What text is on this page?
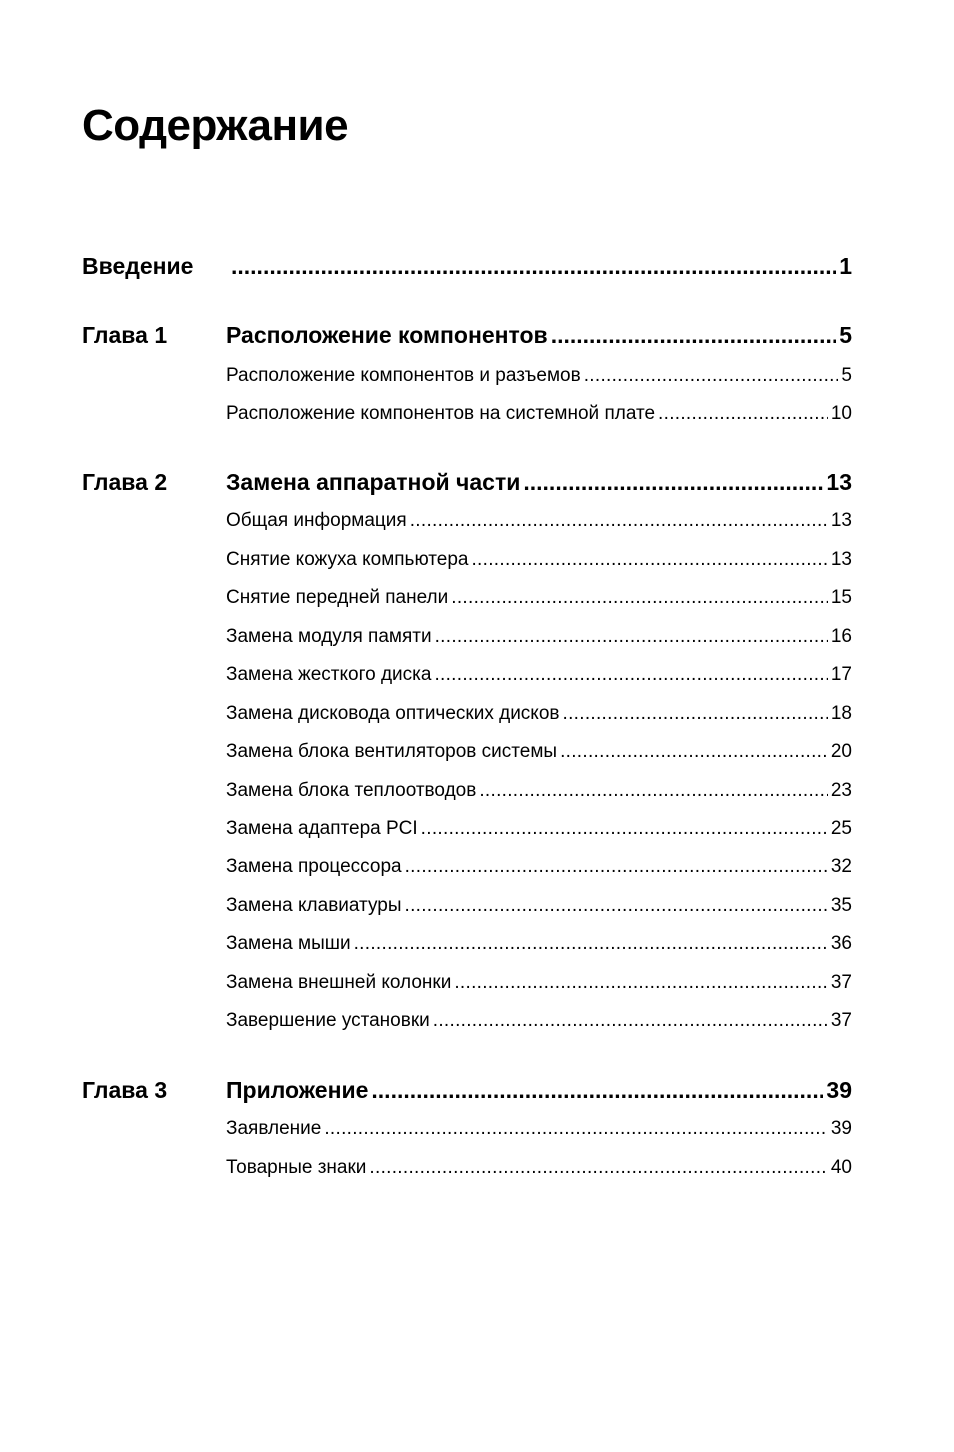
Содержание
Введение .....	1
Глава 1	Расположение компонентов .....	5
Расположение компонентов и разъемов .....	5
Расположение компонентов на системной плате .....	10
Глава 2	Замена аппаратной части .....	13
Общая информация .....	13
Снятие кожуха компьютера .....	13
Снятие передней панели .....	15
Замена модуля памяти .....	16
Замена жесткого диска .....	17
Замена дисковода оптических дисков .....	18
Замена блока вентиляторов системы .....	20
Замена блока теплоотводов .....	23
Замена адаптера PCI .....	25
Замена процессора .....	32
Замена клавиатуры .....	35
Замена мыши .....	36
Замена внешней колонки .....	37
Завершение установки .....	37
Глава 3	Приложение .....	39
Заявление .....	39
Товарные знаки .....	40
